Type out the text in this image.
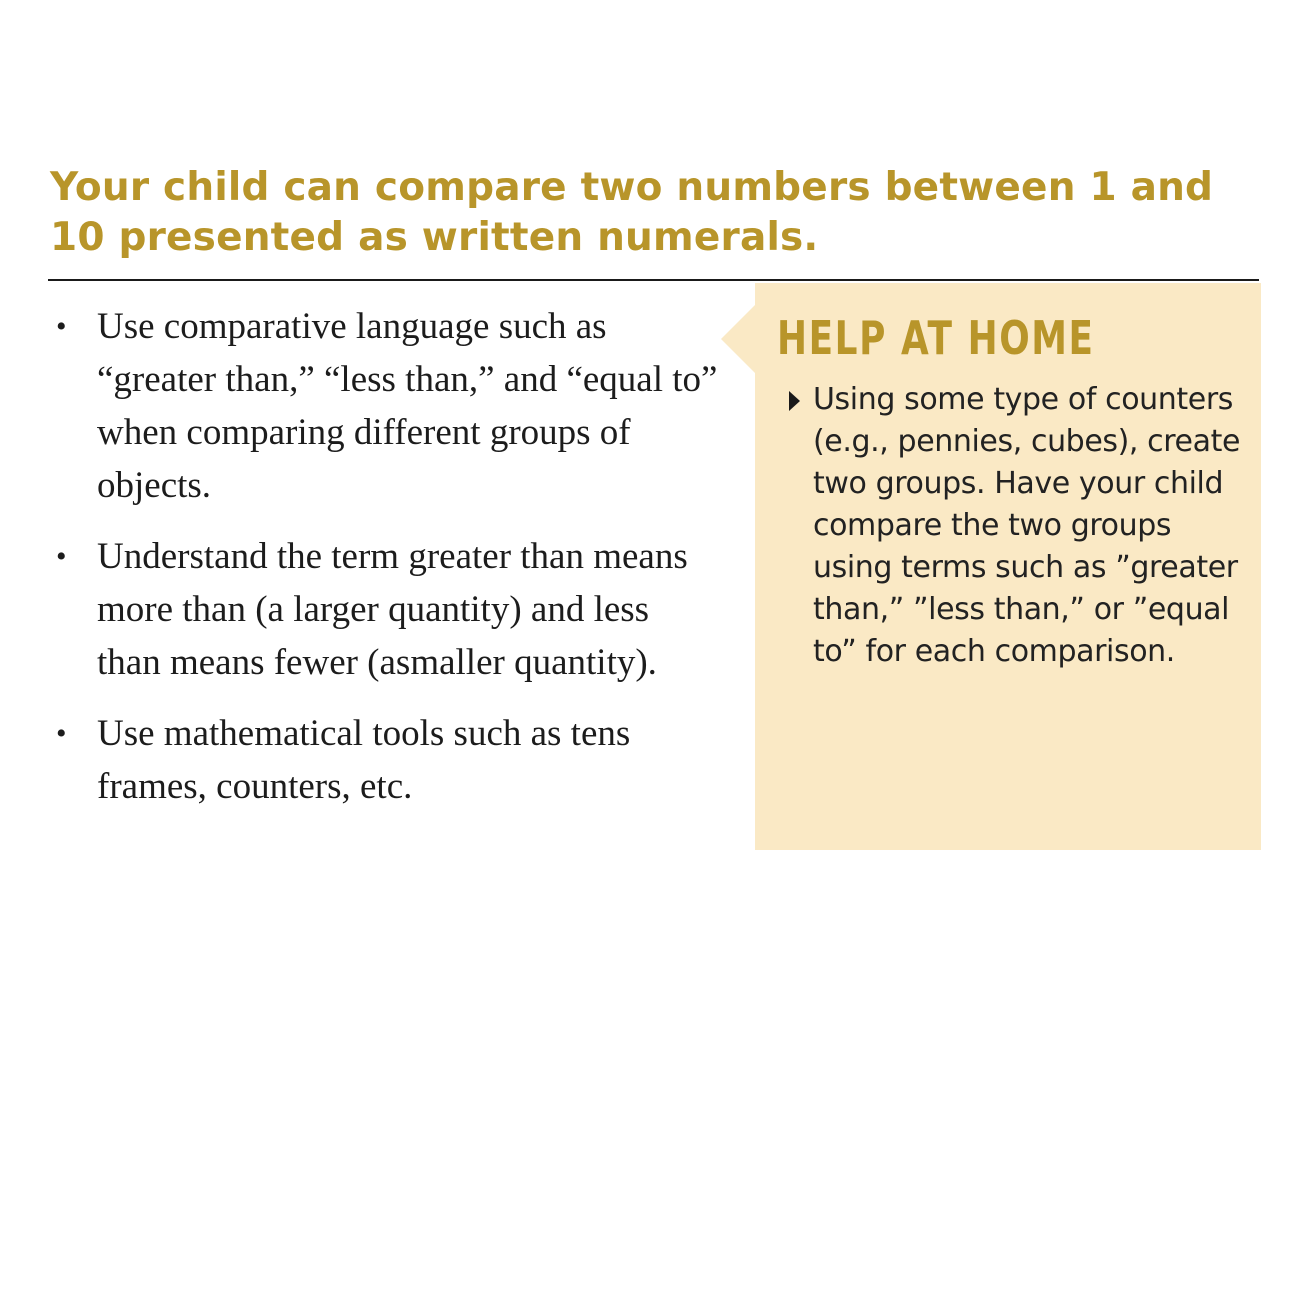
Your child can compare two numbers between 1 and 10 presented as written numerals.
• Use comparative language such as “greater than,” “less than,” and “equal to” when comparing different groups of objects.
• Understand the term greater than means more than (a larger quantity) and less than means fewer (asmaller quantity).
• Use mathematical tools such as tens frames, counters, etc.
HELP AT HOME
Using some type of counters (e.g., pennies, cubes), create two groups. Have your child compare the two groups using terms such as ”greater than,” ”less than,” or ”equal to” for each comparison.
